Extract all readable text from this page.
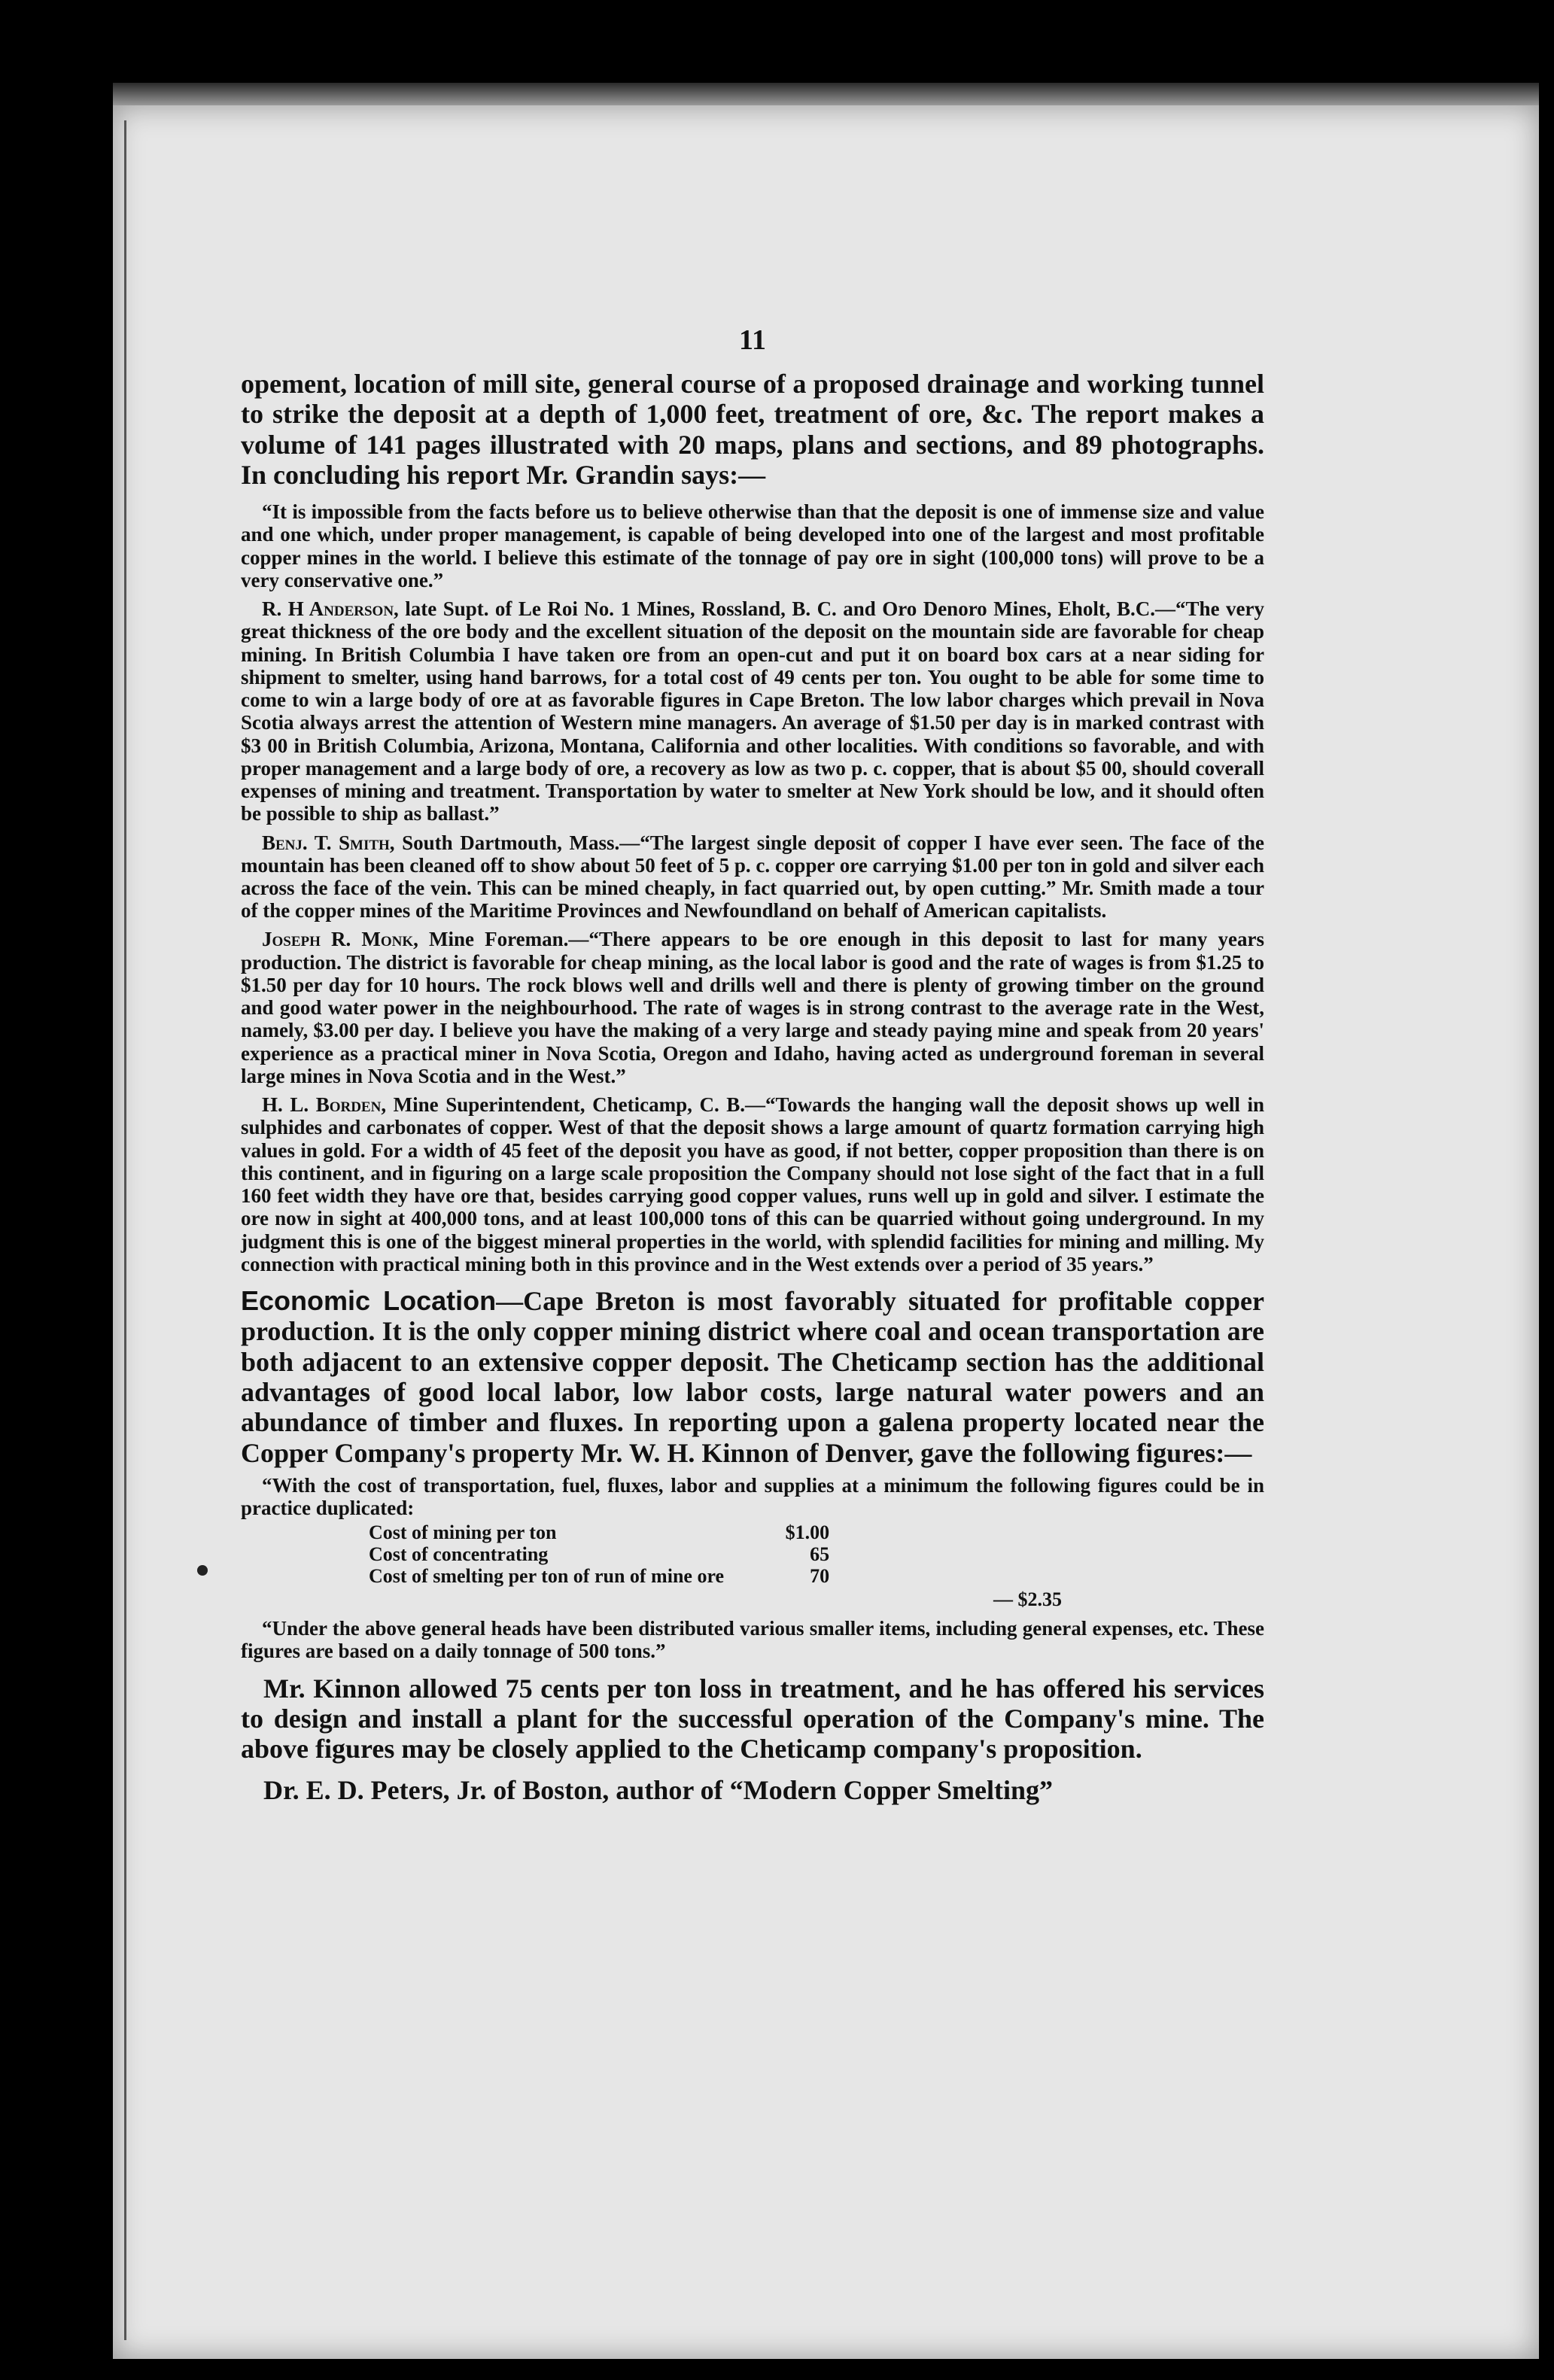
11

opement, location of mill site, general course of a proposed drainage and working tunnel to strike the deposit at a depth of 1,000 feet, treatment of ore, &c. The report makes a volume of 141 pages illustrated with 20 maps, plans and sections, and 89 photographs. In concluding his report Mr. Grandin says:—

“It is impossible from the facts before us to believe otherwise than that the deposit is one of immense size and value and one which, under proper management, is capable of being developed into one of the largest and most profitable copper mines in the world. I believe this estimate of the tonnage of pay ore in sight (100,000 tons) will prove to be a very conservative one.”

R. H Anderson, late Supt. of Le Roi No. 1 Mines, Rossland, B. C. and Oro Denoro Mines, Eholt, B.C.—“The very great thickness of the ore body and the excellent situation of the deposit on the mountain side are favorable for cheap mining. In British Columbia I have taken ore from an open-cut and put it on board box cars at a near siding for shipment to smelter, using hand barrows, for a total cost of 49 cents per ton. You ought to be able for some time to come to win a large body of ore at as favorable figures in Cape Breton. The low labor charges which prevail in Nova Scotia always arrest the attention of Western mine managers. An average of $1.50 per day is in marked contrast with $3 00 in British Columbia, Arizona, Montana, California and other localities. With conditions so favorable, and with proper management and a large body of ore, a recovery as low as two p. c. copper, that is about $5 00, should coverall expenses of mining and treatment. Transportation by water to smelter at New York should be low, and it should often be possible to ship as ballast.”

Benj. T. Smith, South Dartmouth, Mass.—“The largest single deposit of copper I have ever seen. The face of the mountain has been cleaned off to show about 50 feet of 5 p. c. copper ore carrying $1.00 per ton in gold and silver each across the face of the vein. This can be mined cheaply, in fact quarried out, by open cutting.” Mr. Smith made a tour of the copper mines of the Maritime Provinces and Newfoundland on behalf of American capitalists.

Joseph R. Monk, Mine Foreman.—“There appears to be ore enough in this deposit to last for many years production. The district is favorable for cheap mining, as the local labor is good and the rate of wages is from $1.25 to $1.50 per day for 10 hours. The rock blows well and drills well and there is plenty of growing timber on the ground and good water power in the neighbourhood. The rate of wages is in strong contrast to the average rate in the West, namely, $3.00 per day. I believe you have the making of a very large and steady paying mine and speak from 20 years' experience as a practical miner in Nova Scotia, Oregon and Idaho, having acted as underground foreman in several large mines in Nova Scotia and in the West.”

H. L. Borden, Mine Superintendent, Cheticamp, C. B.—“Towards the hanging wall the deposit shows up well in sulphides and carbonates of copper. West of that the deposit shows a large amount of quartz formation carrying high values in gold. For a width of 45 feet of the deposit you have as good, if not better, copper proposition than there is on this continent, and in figuring on a large scale proposition the Company should not lose sight of the fact that in a full 160 feet width they have ore that, besides carrying good copper values, runs well up in gold and silver. I estimate the ore now in sight at 400,000 tons, and at least 100,000 tons of this can be quarried without going underground. In my judgment this is one of the biggest mineral properties in the world, with splendid facilities for mining and milling. My connection with practical mining both in this province and in the West extends over a period of 35 years.”

Economic Location—Cape Breton is most favorably situated for profitable copper production. It is the only copper mining district where coal and ocean transportation are both adjacent to an extensive copper deposit. The Cheticamp section has the additional advantages of good local labor, low labor costs, large natural water powers and an abundance of timber and fluxes. In reporting upon a galena property located near the Copper Company's property Mr. W. H. Kinnon of Denver, gave the following figures:—

“With the cost of transportation, fuel, fluxes, labor and supplies at a minimum the following figures could be in practice duplicated:

Cost of mining per ton	$1.00
Cost of concentrating	65
Cost of smelting per ton of run of mine ore	70
— $2.35

“Under the above general heads have been distributed various smaller items, including general expenses, etc. These figures are based on a daily tonnage of 500 tons.”

Mr. Kinnon allowed 75 cents per ton loss in treatment, and he has offered his services to design and install a plant for the successful operation of the Company's mine. The above figures may be closely applied to the Cheticamp company's proposition.

Dr. E. D. Peters, Jr. of Boston, author of “Modern Copper Smelting”
